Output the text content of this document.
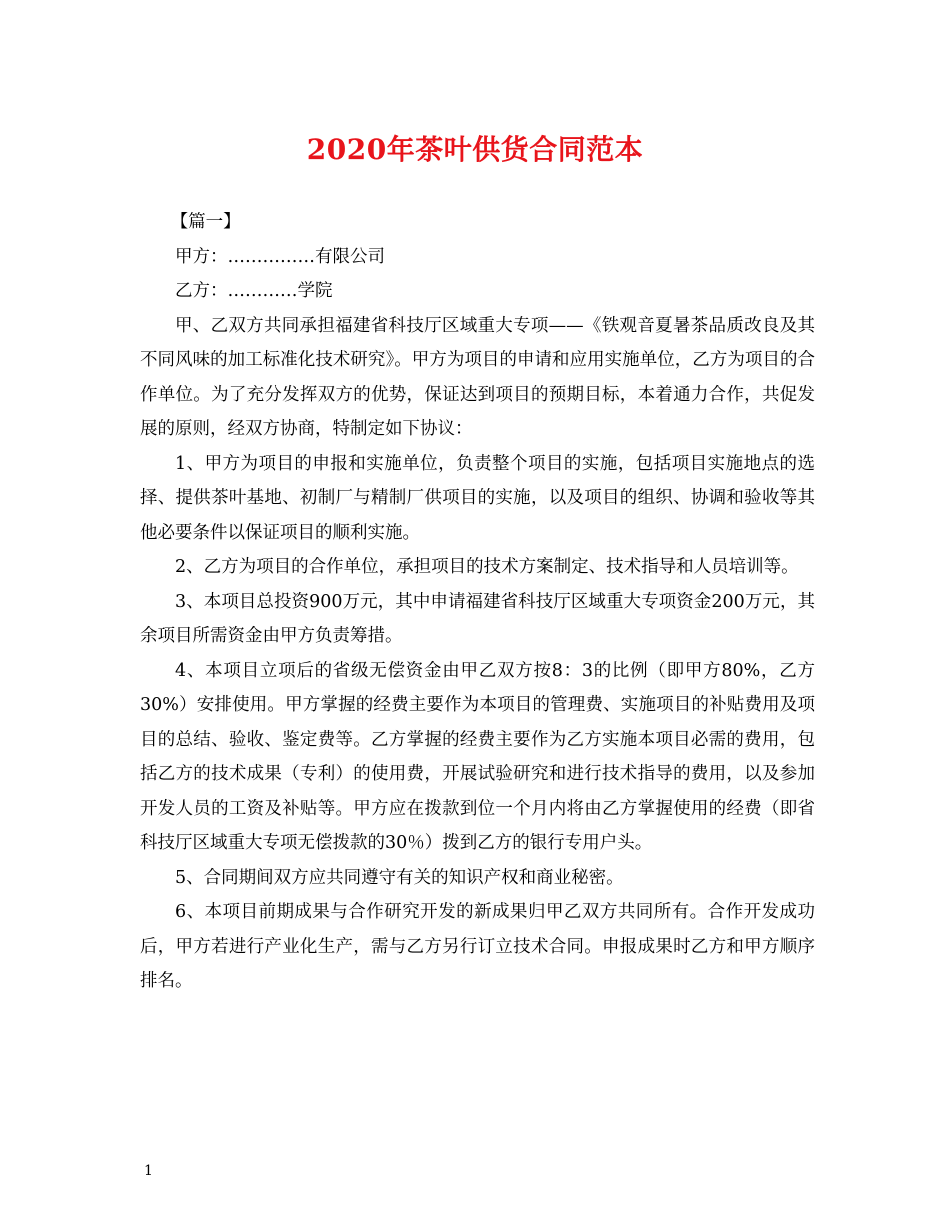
2020年茶叶供货合同范本

【篇一】

甲方：……………有限公司

乙方：…………学院

甲、乙双方共同承担福建省科技厅区域重大专项——《铁观音夏暑茶品质改良及其不同风味的加工标准化技术研究》。甲方为项目的申请和应用实施单位，乙方为项目的合作单位。为了充分发挥双方的优势，保证达到项目的预期目标，本着通力合作，共促发展的原则，经双方协商，特制定如下协议：

1、甲方为项目的申报和实施单位，负责整个项目的实施，包括项目实施地点的选择、提供茶叶基地、初制厂与精制厂供项目的实施，以及项目的组织、协调和验收等其他必要条件以保证项目的顺利实施。

2、乙方为项目的合作单位，承担项目的技术方案制定、技术指导和人员培训等。

3、本项目总投资900万元，其中申请福建省科技厅区域重大专项资金200万元，其余项目所需资金由甲方负责筹措。

4、本项目立项后的省级无偿资金由甲乙双方按8：3的比例（即甲方80%，乙方30%）安排使用。甲方掌握的经费主要作为本项目的管理费、实施项目的补贴费用及项目的总结、验收、鉴定费等。乙方掌握的经费主要作为乙方实施本项目必需的费用，包括乙方的技术成果（专利）的使用费，开展试验研究和进行技术指导的费用，以及参加开发人员的工资及补贴等。甲方应在拨款到位一个月内将由乙方掌握使用的经费（即省科技厅区域重大专项无偿拨款的30％）拨到乙方的银行专用户头。

5、合同期间双方应共同遵守有关的知识产权和商业秘密。

6、本项目前期成果与合作研究开发的新成果归甲乙双方共同所有。合作开发成功后，甲方若进行产业化生产，需与乙方另行订立技术合同。申报成果时乙方和甲方顺序排名。

1
